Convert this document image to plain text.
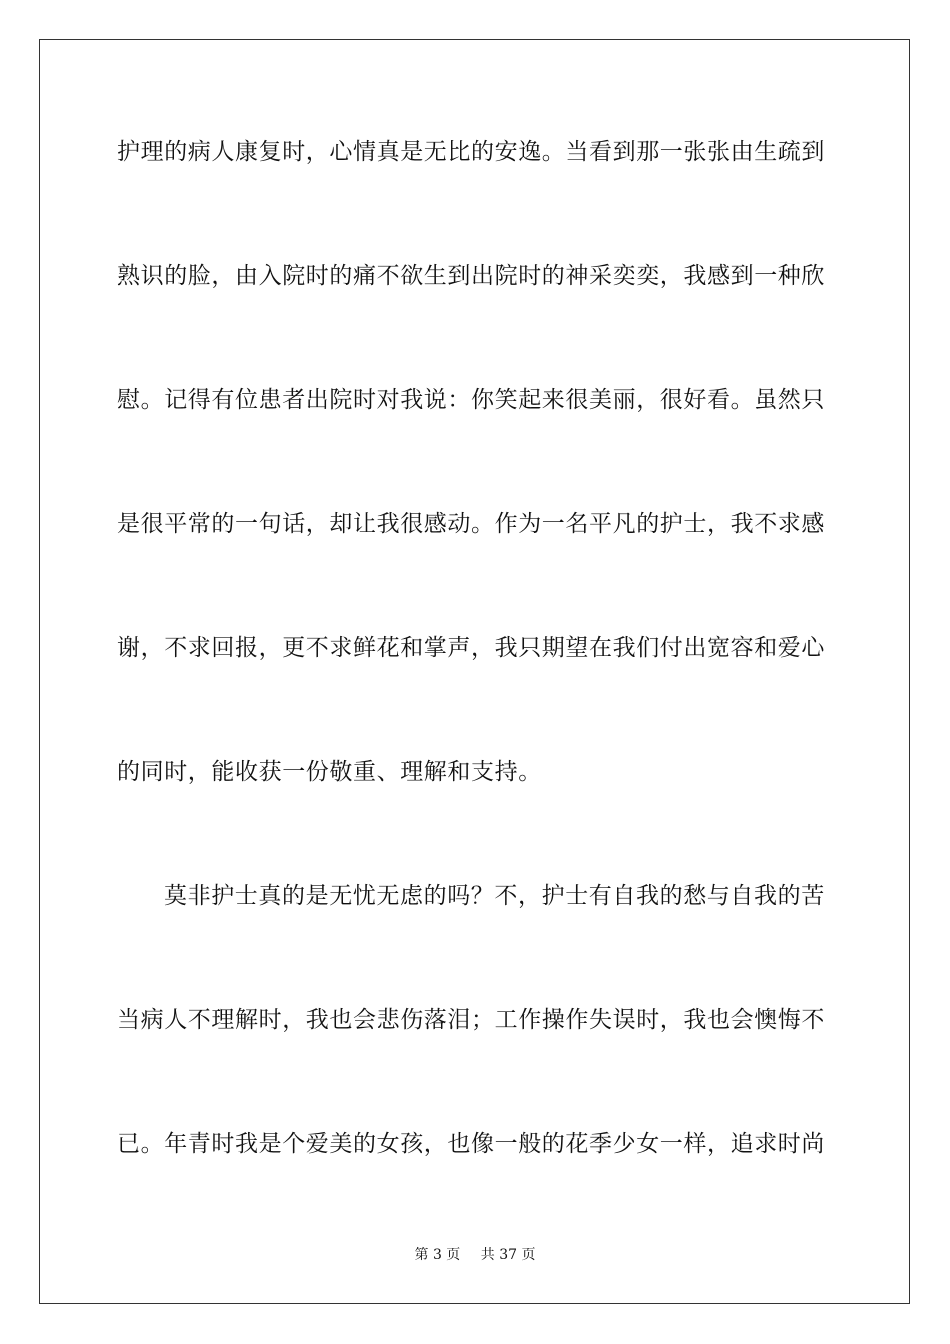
护理的病人康复时，心情真是无比的安逸。当看到那一张张由生疏到
熟识的脸，由入院时的痛不欲生到出院时的神采奕奕，我感到一种欣
慰。记得有位患者出院时对我说：你笑起来很美丽，很好看。虽然只
是很平常的一句话，却让我很感动。作为一名平凡的护士，我不求感
谢，不求回报，更不求鲜花和掌声，我只期望在我们付出宽容和爱心
的同时，能收获一份敬重、理解和支持。
莫非护士真的是无忧无虑的吗？不，护士有自我的愁与自我的苦
当病人不理解时，我也会悲伤落泪；工作操作失误时，我也会懊悔不
已。年青时我是个爱美的女孩，也像一般的花季少女一样，追求时尚
第 3 页 共 37 页
